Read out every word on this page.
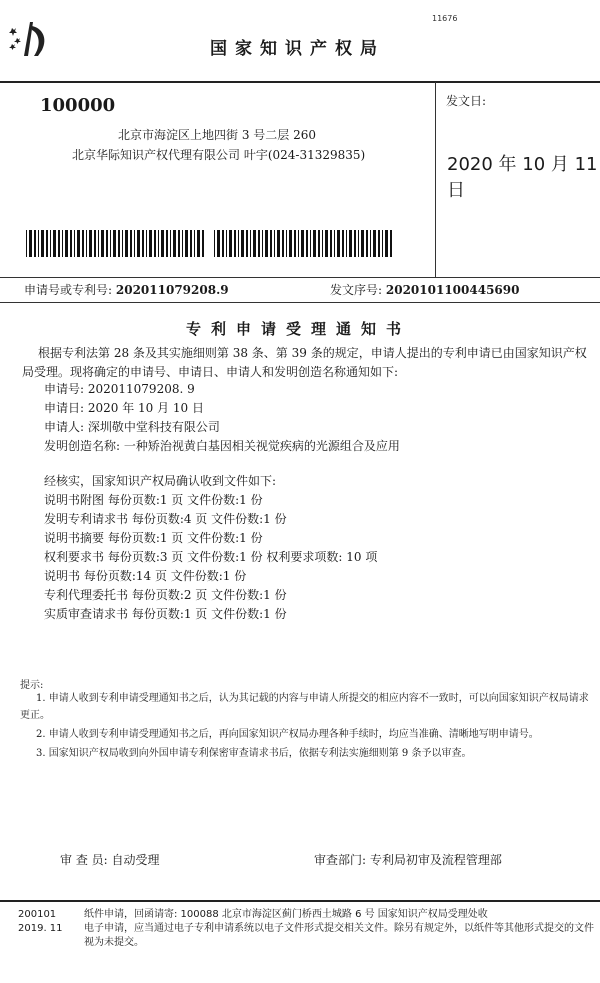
11676
国家知识产权局
100000
北京市海淀区上地四街 3 号二层 260
北京华际知识产权代理有限公司 叶宇(024-31329835)
发文日:
2020 年 10 月 11 日
申请号或专利号: 202011079208.9	发文序号: 2020101100445690
专利申请受理通知书
根据专利法第 28 条及其实施细则第 38 条、第 39 条的规定，申请人提出的专利申请已由国家知识产权局受理。现将确定的申请号、申请日、申请人和发明创造名称通知如下:
申请号: 202011079208. 9
申请日: 2020 年 10 月 10 日
申请人: 深圳敬中堂科技有限公司
发明创造名称: 一种矫治视黄白基因相关视觉疾病的光源组合及应用
经核实，国家知识产权局确认收到文件如下:
说明书附图 每份页数:1 页 文件份数:1 份
发明专利请求书 每份页数:4 页 文件份数:1 份
说明书摘要 每份页数:1 页 文件份数:1 份
权利要求书 每份页数:3 页 文件份数:1 份 权利要求项数: 10 项
说明书 每份页数:14 页 文件份数:1 份
专利代理委托书 每份页数:2 页 文件份数:1 份
实质审查请求书 每份页数:1 页 文件份数:1 份
提示:
1. 申请人收到专利申请受理通知书之后，认为其记载的内容与申请人所提交的相应内容不一致时，可以向国家知识产权局请求更正。
2. 申请人收到专利申请受理通知书之后，再向国家知识产权局办理各种手续时，均应当准确、清晰地写明申请号。
3. 国家知识产权局收到向外国申请专利保密审查请求书后，依据专利法实施细则第 9 条予以审查。
审 查 员: 自动受理	审查部门: 专利局初审及流程管理部
200101
2019. 11
纸件申请，回函请寄: 100088 北京市海淀区蓟门桥西土城路 6 号 国家知识产权局受理处收
电子申请，应当通过电子专利申请系统以电子文件形式提交相关文件。除另有规定外，以纸件等其他形式提交的文件视为未提交。
